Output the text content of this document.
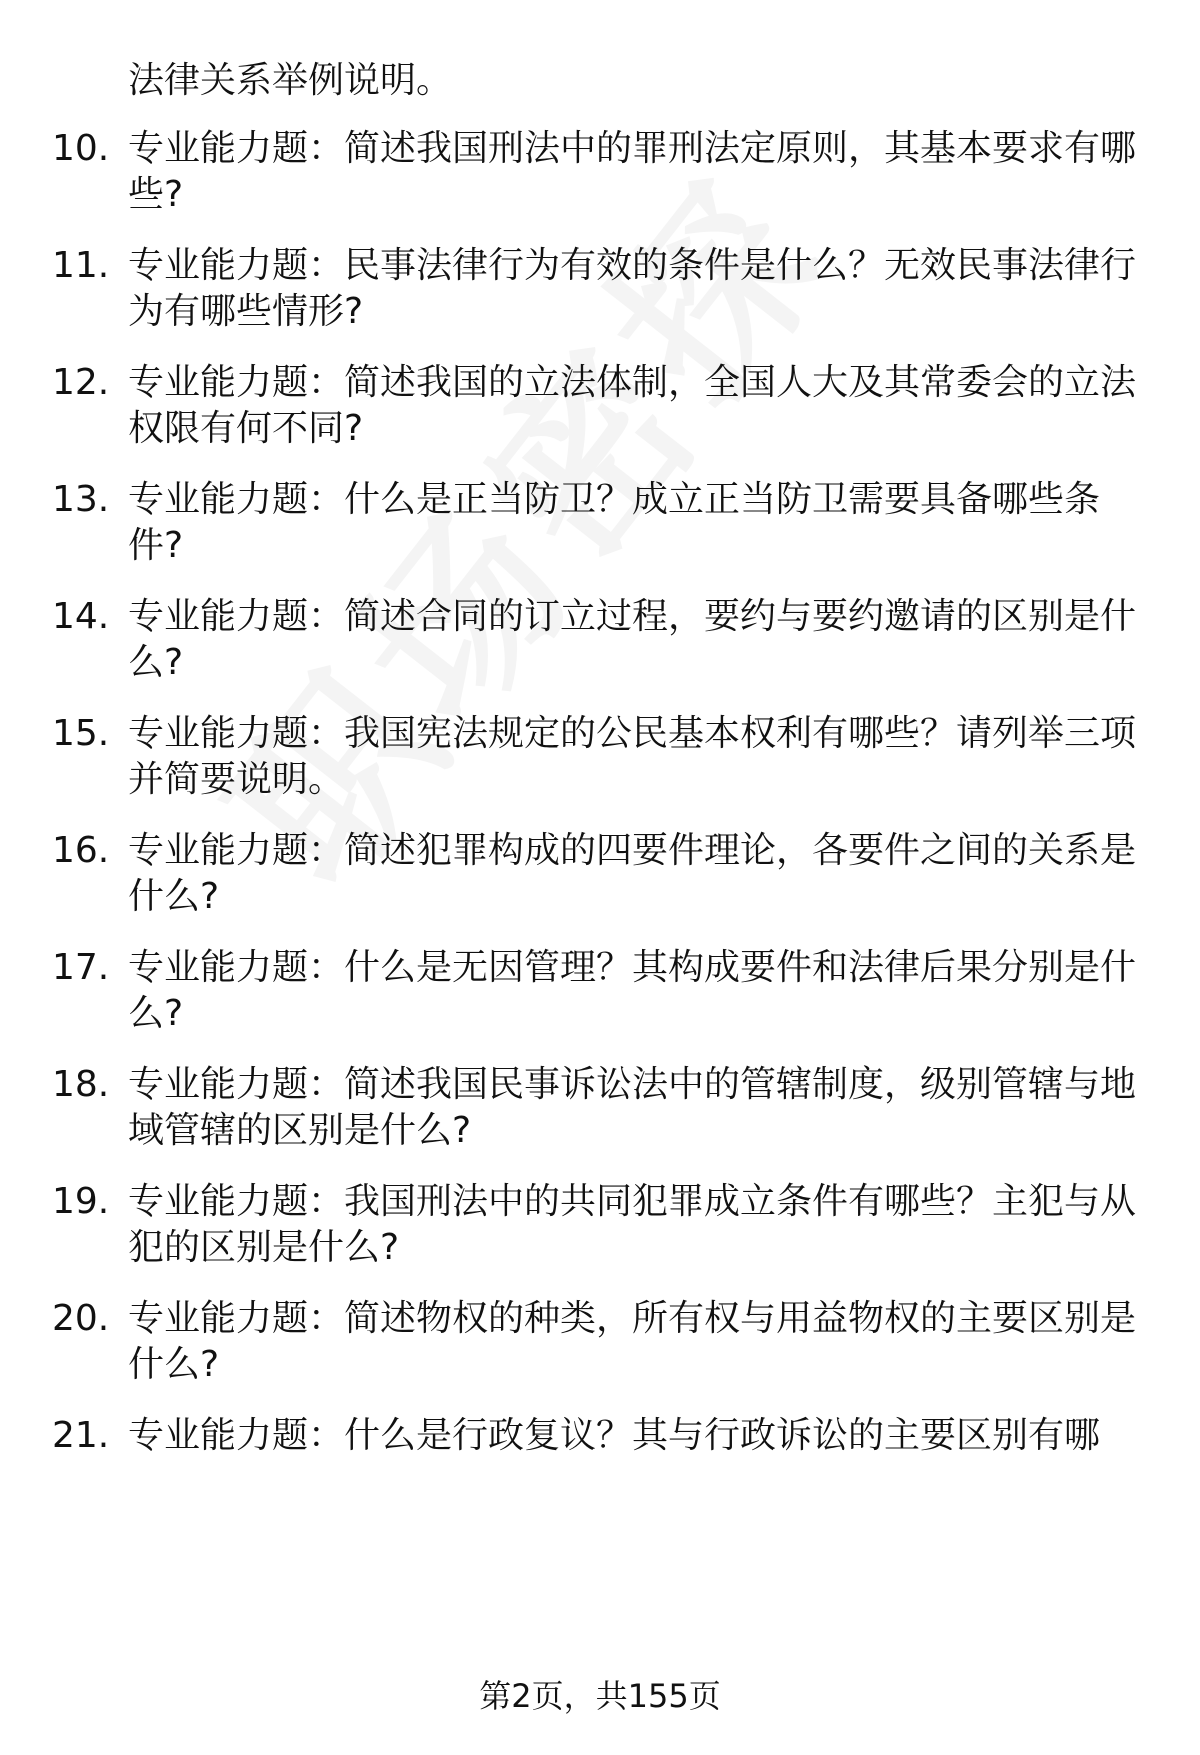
法律关系举例说明。
10. 专业能力题：简述我国刑法中的罪刑法定原则，其基本要求有哪些?
11. 专业能力题：民事法律行为有效的条件是什么？无效民事法律行为有哪些情形?
12. 专业能力题：简述我国的立法体制，全国人大及其常委会的立法权限有何不同?
13. 专业能力题：什么是正当防卫？成立正当防卫需要具备哪些条件?
14. 专业能力题：简述合同的订立过程，要约与要约邀请的区别是什么?
15. 专业能力题：我国宪法规定的公民基本权利有哪些？请列举三项并简要说明。
16. 专业能力题：简述犯罪构成的四要件理论，各要件之间的关系是什么?
17. 专业能力题：什么是无因管理？其构成要件和法律后果分别是什么?
18. 专业能力题：简述我国民事诉讼法中的管辖制度，级别管辖与地域管辖的区别是什么?
19. 专业能力题：我国刑法中的共同犯罪成立条件有哪些？主犯与从犯的区别是什么?
20. 专业能力题：简述物权的种类，所有权与用益物权的主要区别是什么?
21. 专业能力题：什么是行政复议？其与行政诉讼的主要区别有哪
第2页，共155页
